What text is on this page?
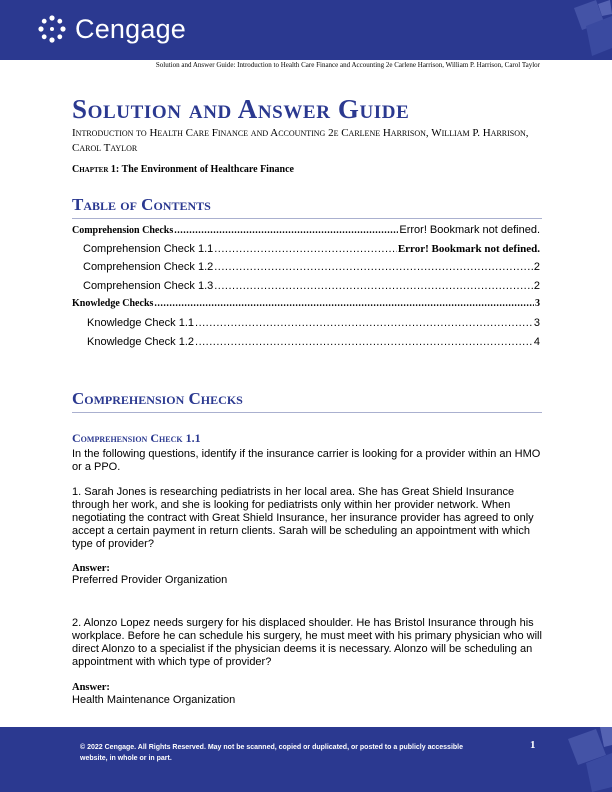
Cengage
Solution and Answer Guide: Introduction to Health Care Finance and Accounting 2e Carlene Harrison, William P. Harrison, Carol Taylor
Solution and Answer Guide
Introduction to Health Care Finance and Accounting 2e Carlene Harrison, William P. Harrison, Carol Taylor
Chapter 1: The Environment of Healthcare Finance
Table of Contents
Comprehension Checks .....	Error! Bookmark not defined.
Comprehension Check 1.1 .....	Error! Bookmark not defined.
Comprehension Check 1.2 .....	2
Comprehension Check 1.3 .....	2
Knowledge Checks .....	3
Knowledge Check 1.1 .....	3
Knowledge Check 1.2 .....	4
Comprehension Checks
Comprehension Check 1.1
In the following questions, identify if the insurance carrier is looking for a provider within an HMO or a PPO.
1. Sarah Jones is researching pediatrists in her local area. She has Great Shield Insurance through her work, and she is looking for pediatrists only within her provider network. When negotiating the contract with Great Shield Insurance, her insurance provider has agreed to only accept a certain payment in return clients. Sarah will be scheduling an appointment with which type of provider?
Answer:
Preferred Provider Organization
2. Alonzo Lopez needs surgery for his displaced shoulder. He has Bristol Insurance through his workplace. Before he can schedule his surgery, he must meet with his primary physician who will direct Alonzo to a specialist if the physician deems it is necessary. Alonzo will be scheduling an appointment with which type of provider?
Answer:
Health Maintenance Organization
© 2022 Cengage. All Rights Reserved. May not be scanned, copied or duplicated, or posted to a publicly accessible website, in whole or in part.
1
